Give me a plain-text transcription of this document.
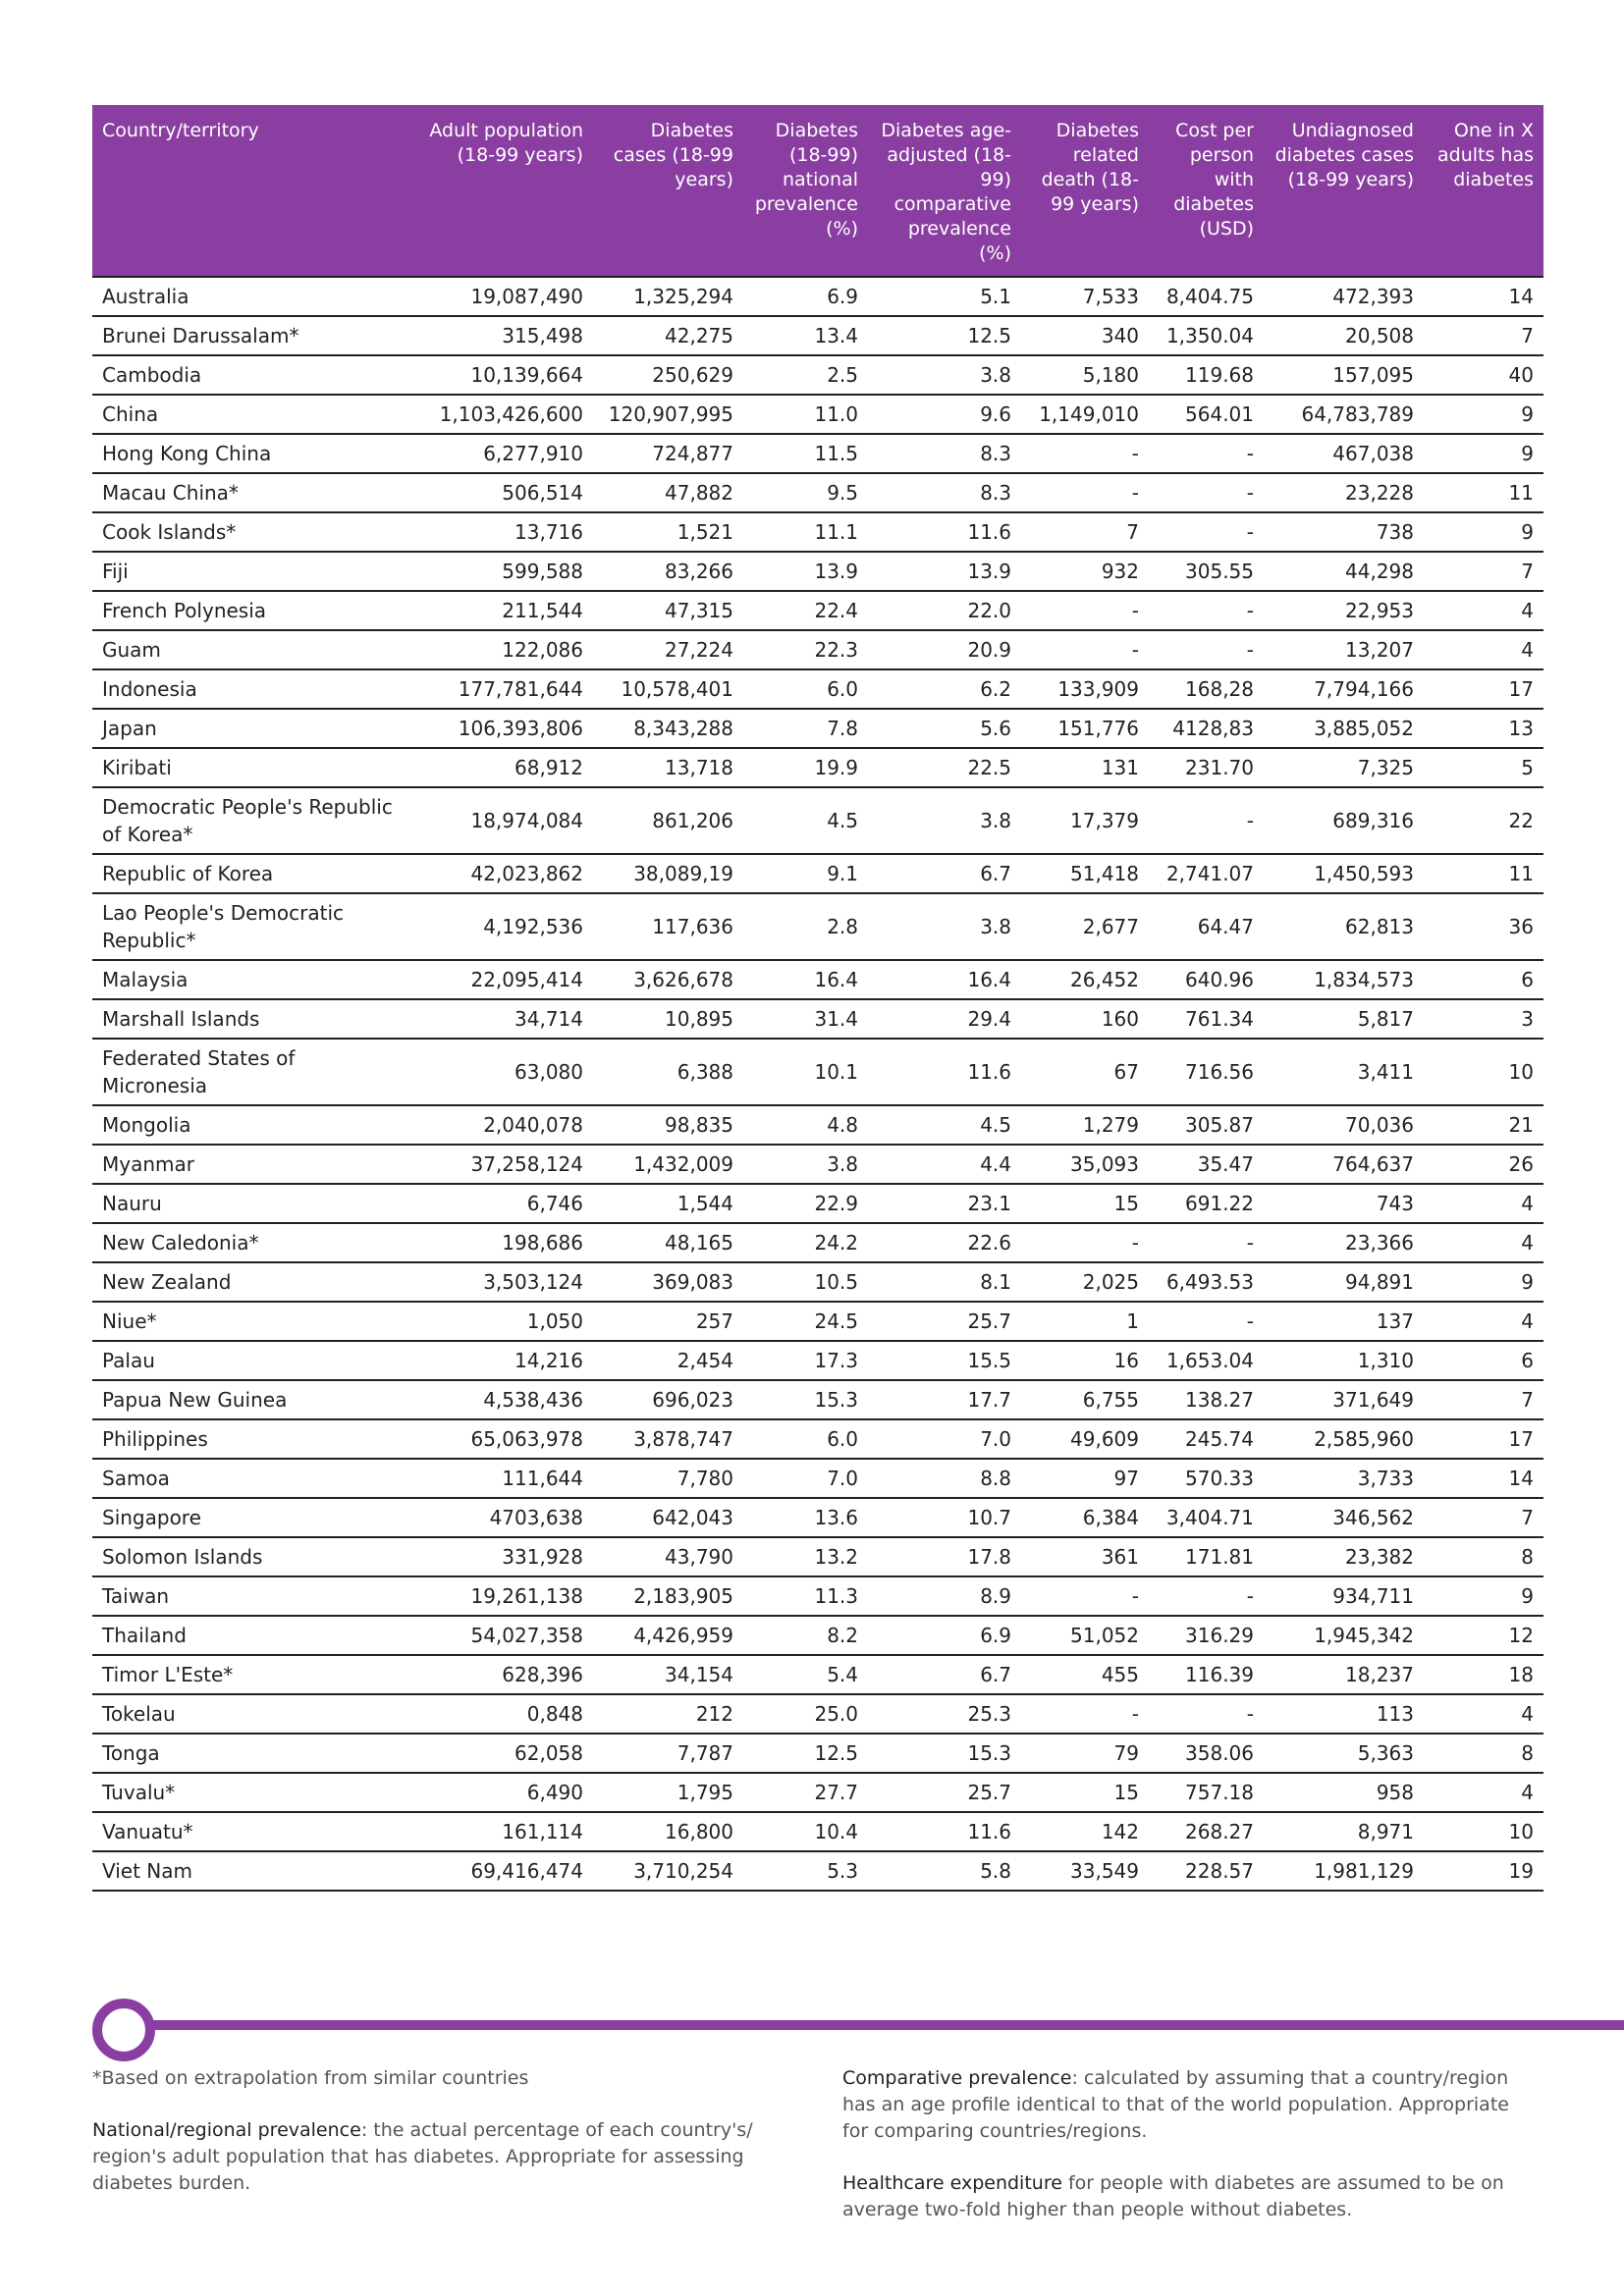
Country/territory	Adult population (18-99 years)	Diabetes cases (18-99 years)	Diabetes (18-99) national prevalence (%)	Diabetes age-adjusted (18-99) comparative prevalence (%)	Diabetes related death (18-99 years)	Cost per person with diabetes (USD)	Undiagnosed diabetes cases (18-99 years)	One in X adults has diabetes
Australia	19,087,490	1,325,294	6.9	5.1	7,533	8,404.75	472,393	14
Brunei Darussalam*	315,498	42,275	13.4	12.5	340	1,350.04	20,508	7
Cambodia	10,139,664	250,629	2.5	3.8	5,180	119.68	157,095	40
China	1,103,426,600	120,907,995	11.0	9.6	1,149,010	564.01	64,783,789	9
Hong Kong China	6,277,910	724,877	11.5	8.3	-	-	467,038	9
Macau China*	506,514	47,882	9.5	8.3	-	-	23,228	11
Cook Islands*	13,716	1,521	11.1	11.6	7	-	738	9
Fiji	599,588	83,266	13.9	13.9	932	305.55	44,298	7
French Polynesia	211,544	47,315	22.4	22.0	-	-	22,953	4
Guam	122,086	27,224	22.3	20.9	-	-	13,207	4
Indonesia	177,781,644	10,578,401	6.0	6.2	133,909	168,28	7,794,166	17
Japan	106,393,806	8,343,288	7.8	5.6	151,776	4128,83	3,885,052	13
Kiribati	68,912	13,718	19.9	22.5	131	231.70	7,325	5
Democratic People's Republic of Korea*	18,974,084	861,206	4.5	3.8	17,379	-	689,316	22
Republic of Korea	42,023,862	38,089,19	9.1	6.7	51,418	2,741.07	1,450,593	11
Lao People's Democratic Republic*	4,192,536	117,636	2.8	3.8	2,677	64.47	62,813	36
Malaysia	22,095,414	3,626,678	16.4	16.4	26,452	640.96	1,834,573	6
Marshall Islands	34,714	10,895	31.4	29.4	160	761.34	5,817	3
Federated States of Micronesia	63,080	6,388	10.1	11.6	67	716.56	3,411	10
Mongolia	2,040,078	98,835	4.8	4.5	1,279	305.87	70,036	21
Myanmar	37,258,124	1,432,009	3.8	4.4	35,093	35.47	764,637	26
Nauru	6,746	1,544	22.9	23.1	15	691.22	743	4
New Caledonia*	198,686	48,165	24.2	22.6	-	-	23,366	4
New Zealand	3,503,124	369,083	10.5	8.1	2,025	6,493.53	94,891	9
Niue*	1,050	257	24.5	25.7	1	-	137	4
Palau	14,216	2,454	17.3	15.5	16	1,653.04	1,310	6
Papua New Guinea	4,538,436	696,023	15.3	17.7	6,755	138.27	371,649	7
Philippines	65,063,978	3,878,747	6.0	7.0	49,609	245.74	2,585,960	17
Samoa	111,644	7,780	7.0	8.8	97	570.33	3,733	14
Singapore	4703,638	642,043	13.6	10.7	6,384	3,404.71	346,562	7
Solomon Islands	331,928	43,790	13.2	17.8	361	171.81	23,382	8
Taiwan	19,261,138	2,183,905	11.3	8.9	-	-	934,711	9
Thailand	54,027,358	4,426,959	8.2	6.9	51,052	316.29	1,945,342	12
Timor L'Este*	628,396	34,154	5.4	6.7	455	116.39	18,237	18
Tokelau	0,848	212	25.0	25.3	-	-	113	4
Tonga	62,058	7,787	12.5	15.3	79	358.06	5,363	8
Tuvalu*	6,490	1,795	27.7	25.7	15	757.18	958	4
Vanuatu*	161,114	16,800	10.4	11.6	142	268.27	8,971	10
Viet Nam	69,416,474	3,710,254	5.3	5.8	33,549	228.57	1,981,129	19

*Based on extrapolation from similar countries

National/regional prevalence: the actual percentage of each country's/ region's adult population that has diabetes. Appropriate for assessing diabetes burden.

Comparative prevalence: calculated by assuming that a country/region has an age profile identical to that of the world population. Appropriate for comparing countries/regions.

Healthcare expenditure for people with diabetes are assumed to be on average two-fold higher than people without diabetes.
